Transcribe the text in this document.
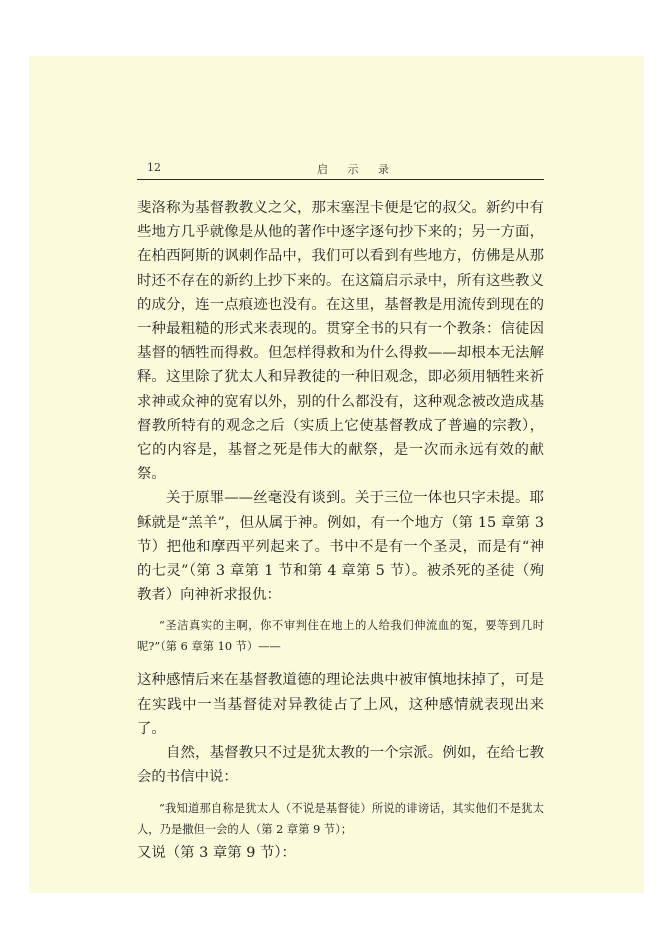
12	启 示 录

斐洛称为基督教教义之父，那末塞涅卡便是它的叔父。新约中有些地方几乎就像是从他的著作中逐字逐句抄下来的；另一方面，在柏西阿斯的讽刺作品中，我们可以看到有些地方，仿佛是从那时还不存在的新约上抄下来的。在这篇启示录中，所有这些教义的成分，连一点痕迹也没有。在这里，基督教是用流传到现在的一种最粗糙的形式来表现的。贯穿全书的只有一个教条：信徒因基督的牺牲而得救。但怎样得救和为什么得救——却根本无法解释。这里除了犹太人和异教徒的一种旧观念，即必须用牺牲来祈求神或众神的宽宥以外，别的什么都没有，这种观念被改造成基督教所特有的观念之后（实质上它使基督教成了普遍的宗教），它的内容是，基督之死是伟大的献祭，是一次而永远有效的献祭。

关于原罪——丝毫没有谈到。关于三位一体也只字未提。耶稣就是“羔羊”，但从属于神。例如，有一个地方（第 15 章第 3 节）把他和摩西平列起来了。书中不是有一个圣灵，而是有“神的七灵”（第 3 章第 1 节和第 4 章第 5 节）。被杀死的圣徒（殉教者）向神祈求报仇：

“圣洁真实的主啊，你不审判住在地上的人给我们伸流血的冤，要等到几时呢?”（第 6 章第 10 节）——

这种感情后来在基督教道德的理论法典中被审慎地抹掉了，可是在实践中一当基督徒对异教徒占了上风，这种感情就表现出来了。

自然，基督教只不过是犹太教的一个宗派。例如，在给七教会的书信中说：

“我知道那自称是犹太人（不说是基督徒）所说的诽谤话，其实他们不是犹太人，乃是撒但一会的人（第 2 章第 9 节）；

又说（第 3 章第 9 节）：
